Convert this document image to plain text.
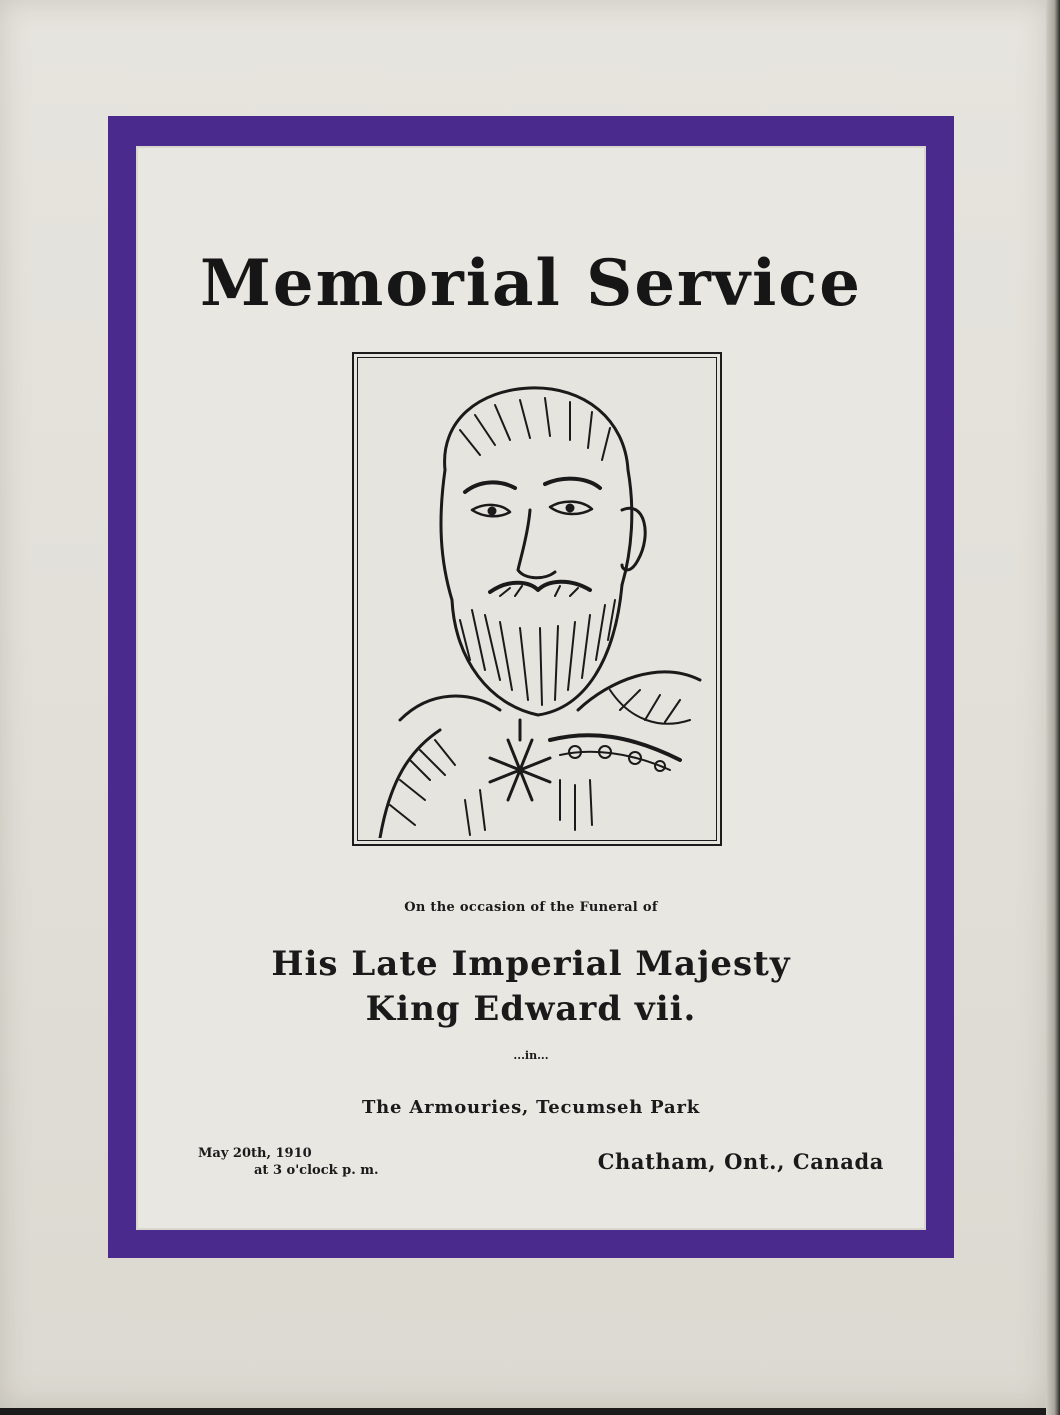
Memorial Service
On the occasion of the Funeral of
His Late Imperial Majesty
King Edward vii.
...in...
The Armouries, Tecumseh Park
May 20th, 1910
at 3 o'clock p. m.	Chatham, Ont., Canada
